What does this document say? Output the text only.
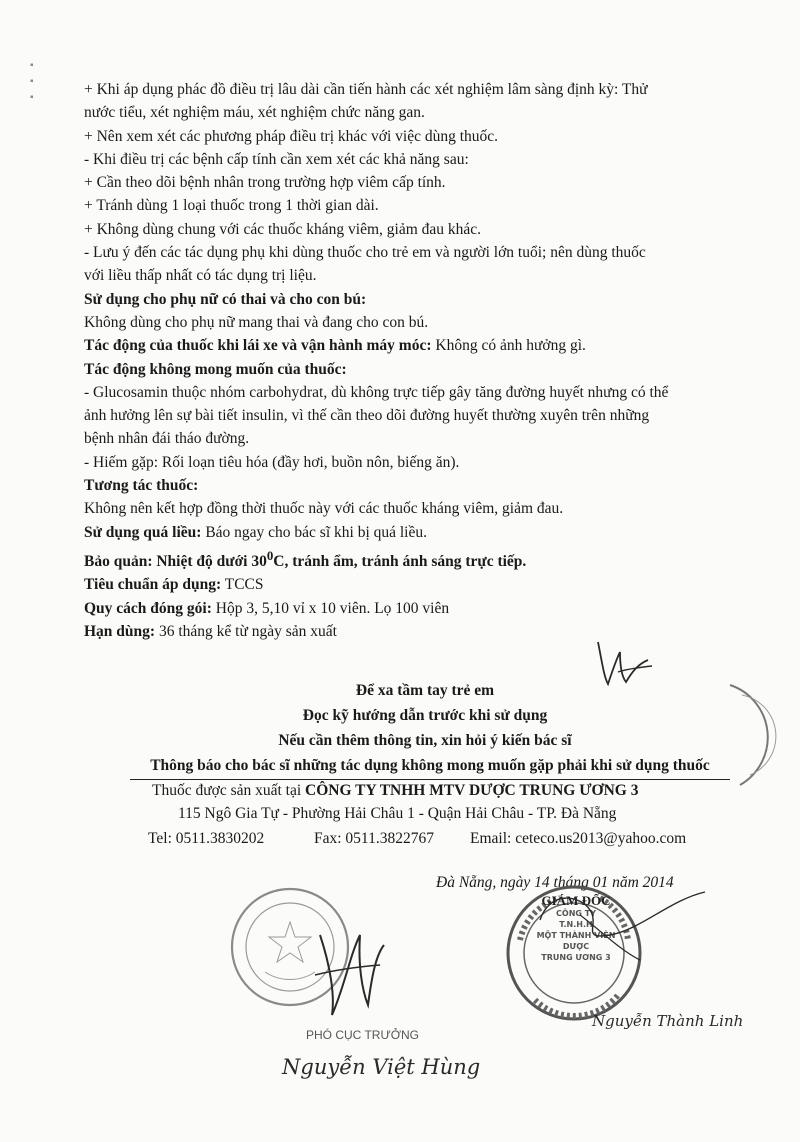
▪
▪
▪	+ Khi áp dụng phác đồ điều trị lâu dài cần tiến hành các xét nghiệm lâm sàng định kỳ: Thử

nước tiểu, xét nghiệm máu, xét nghiệm chức năng gan.

+ Nên xem xét các phương pháp điều trị khác với việc dùng thuốc.

- Khi điều trị các bệnh cấp tính cần xem xét các khả năng sau:

+ Cần theo dõi bệnh nhân trong trường hợp viêm cấp tính.

+ Tránh dùng 1 loại thuốc trong 1 thời gian dài.

+ Không dùng chung với các thuốc kháng viêm, giảm đau khác.

- Lưu ý đến các tác dụng phụ khi dùng thuốc cho trẻ em và người lớn tuổi; nên dùng thuốc

với liều thấp nhất có tác dụng trị liệu.

Sử dụng cho phụ nữ có thai và cho con bú:

Không dùng cho phụ nữ mang thai và đang cho con bú.

Tác động của thuốc khi lái xe và vận hành máy móc: Không có ảnh hưởng gì.

Tác động không mong muốn của thuốc:

- Glucosamin thuộc nhóm carbohydrat, dù không trực tiếp gây tăng đường huyết nhưng có thể

ảnh hưởng lên sự bài tiết insulin, vì thế cần theo dõi đường huyết thường xuyên trên những

bệnh nhân đái tháo đường.

- Hiếm gặp: Rối loạn tiêu hóa (đầy hơi, buồn nôn, biếng ăn).

Tương tác thuốc:

Không nên kết hợp đồng thời thuốc này với các thuốc kháng viêm, giảm đau.

Sử dụng quá liều: Báo ngay cho bác sĩ khi bị quá liều.

Bảo quản: Nhiệt độ dưới $30^0C$, tránh ẩm, tránh ánh sáng trực tiếp.

Tiêu chuẩn áp dụng: TCCS

Quy cách đóng gói: Hộp 3, 5,10 vỉ x 10 viên. Lọ 100 viên

Hạn dùng: 36 tháng kể từ ngày sản xuất

Để xa tầm tay trẻ em
Đọc kỹ hướng dẫn trước khi sử dụng
Nếu cần thêm thông tin, xin hỏi ý kiến bác sĩ
Thông báo cho bác sĩ những tác dụng không mong muốn gặp phải khi sử dụng thuốc
Thuốc được sản xuất tại CÔNG TY TNHH MTV DƯỢC TRUNG ƯƠNG 3
115 Ngô Gia Tự - Phường Hải Châu 1 - Quận Hải Châu - TP. Đà Nẵng
Tel: 0511.3830202	Fax: 0511.3822767 Email: ceteco.us2013@yahoo.com
Đà Nẵng, ngày 14 tháng 01 năm 2014
GIÁM ĐỐC
CÔNG TY
T.N.H.H
MỘT THÀNH VIÊN
DƯỢC
TRUNG ƯƠNG 3
Nguyễn Thành Linh
PHÓ CỤC TRƯỞNG
Nguyễn Việt Hùng
